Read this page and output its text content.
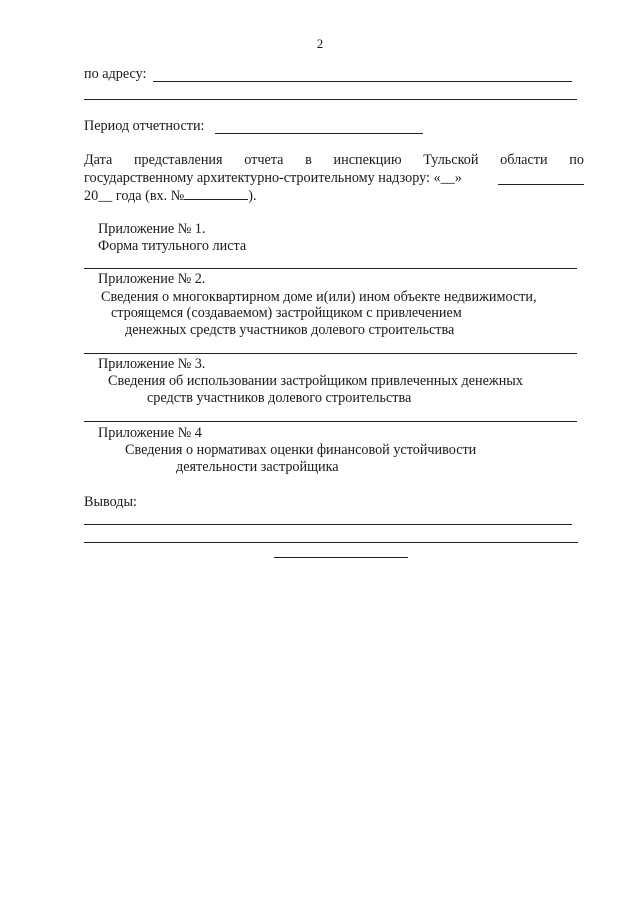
2
по адресу:
Период отчетности:
Дата представления отчета в инспекцию Тульской области по
государственному архитектурно-строительному надзору: «__»
20__ года (вх. №	).
Приложение № 1.
Форма титульного листа
Приложение № 2.
Сведения о многоквартирном доме и(или) ином объекте недвижимости,
строящемся (создаваемом) застройщиком с привлечением
денежных средств участников долевого строительства
Приложение № 3.
Сведения об использовании застройщиком привлеченных денежных
средств участников долевого строительства
Приложение № 4
Сведения о нормативах оценки финансовой устойчивости
деятельности застройщика
Выводы:
